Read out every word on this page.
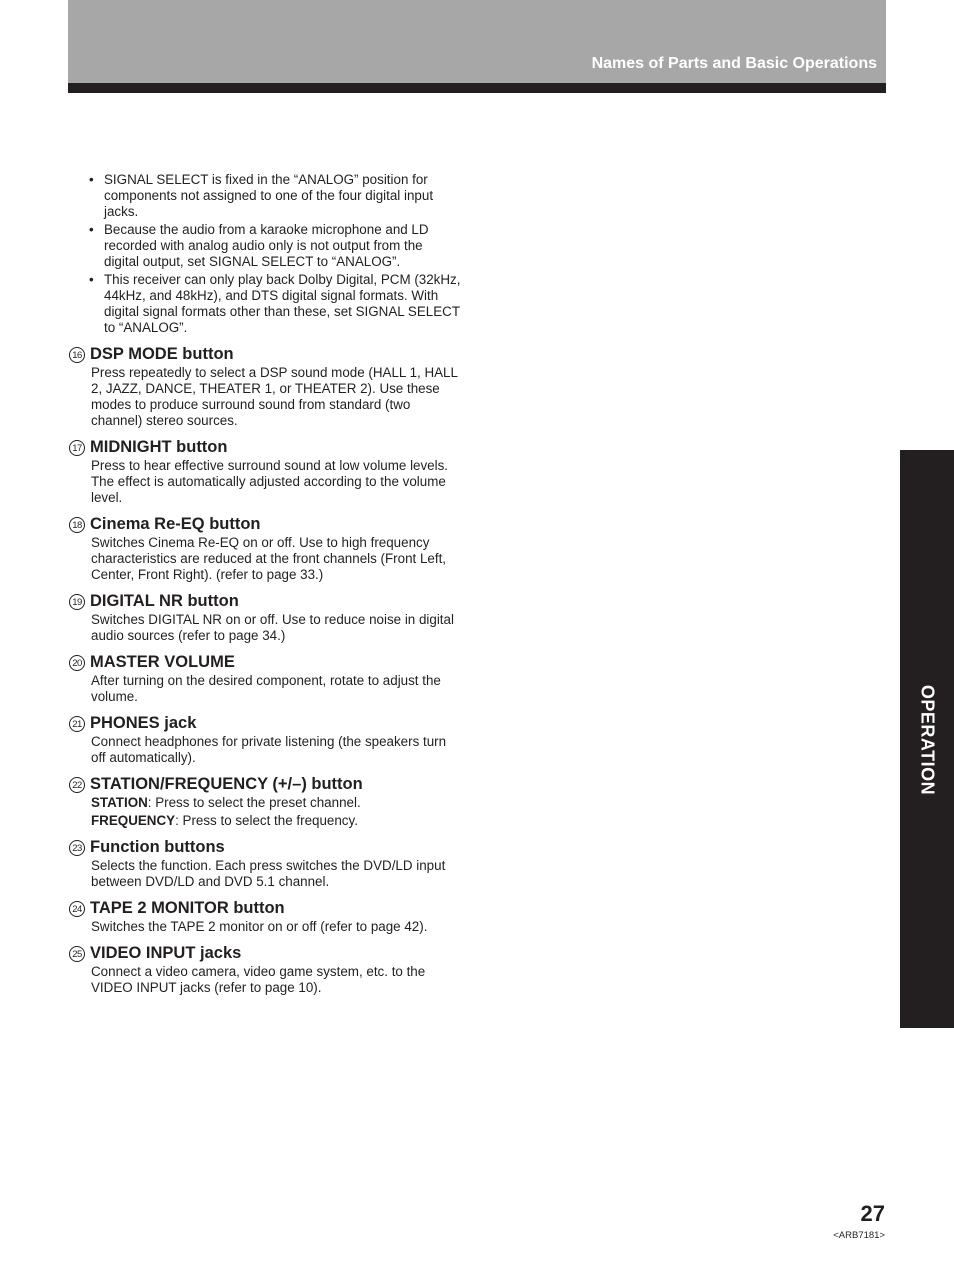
Names of Parts and Basic Operations
• SIGNAL SELECT is fixed in the “ANALOG” position for components not assigned to one of the four digital input jacks.
• Because the audio from a karaoke microphone and LD recorded with analog audio only is not output from the digital output, set SIGNAL SELECT to “ANALOG”.
• This receiver can only play back Dolby Digital, PCM (32kHz, 44kHz, and 48kHz), and DTS digital signal formats. With digital signal formats other than these, set SIGNAL SELECT to “ANALOG”.
16 DSP MODE button
Press repeatedly to select a DSP sound mode (HALL 1, HALL 2, JAZZ, DANCE, THEATER 1, or THEATER 2). Use these modes to produce surround sound from standard (two channel) stereo sources.
17 MIDNIGHT button
Press to hear effective surround sound at low volume levels. The effect is automatically adjusted according to the volume level.
18 Cinema Re-EQ button
Switches Cinema Re-EQ on or off. Use to high frequency characteristics are reduced at the front channels (Front Left, Center, Front Right). (refer to page 33.)
19 DIGITAL NR button
Switches DIGITAL NR on or off. Use to reduce noise in digital audio sources (refer to page 34.)
20 MASTER VOLUME
After turning on the desired component, rotate to adjust the volume.
21 PHONES jack
Connect headphones for private listening (the speakers turn off automatically).
22 STATION/FREQUENCY (+/–) button
STATION: Press to select the preset channel.
FREQUENCY: Press to select the frequency.
23 Function buttons
Selects the function. Each press switches the DVD/LD input between DVD/LD and DVD 5.1 channel.
24 TAPE 2 MONITOR button
Switches the TAPE 2 monitor on or off (refer to page 42).
25 VIDEO INPUT jacks
Connect a video camera, video game system, etc. to the VIDEO INPUT jacks (refer to page 10).
OPERATION
27
<ARB7181>
